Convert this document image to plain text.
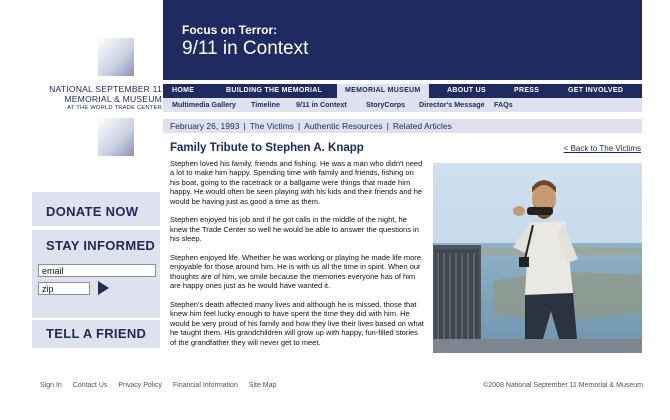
NATIONAL SEPTEMBER 11
MEMORIAL & MUSEUM
AT THE WORLD TRADE CENTER
DONATE NOW
STAY INFORMED
email
zip
TELL A FRIEND
Focus on Terror:
9/11 in Context
HOME	BUILDING THE MEMORIAL	MEMORIAL MUSEUM	ABOUT US	PRESS	GET INVOLVED
Multimedia Gallery Timeline 9/11 in Context	StoryCorps Director's Message FAQs
February 26, 1993 | The Victims | Authentic Resources | Related Articles
Family Tribute to Stephen A. Knapp	< Back to The Victims

Stephen loved his family, friends and fishing. He was a man who didn't need a lot to make him happy. Spending time with family and friends, fishing on his boat, going to the racetrack or a ballgame were things that made him happy. He would often be seen playing with his kids and their friends and he would be having just as good a time as them.

Stephen enjoyed his job and if he got calls in the middle of the night, he knew the Trade Center so well he would be able to answer the questions in his sleep.

Stephen enjoyed life. Whether he was working or playing he made life more enjoyable for those around him. He is with us all the time in spirit. When our thoughts are of him, we smile because the memories everyone has of him are happy ones just as he would have wanted it.

Stephen's death affected many lives and although he is missed, those that knew him feel lucky enough to have spent the time they did with him. He would be very proud of his family and how they live their lives based on what he taught them. His grandchildren will grow up with happy, fun-filled stories of the grandfather they will never get to meet.

Sign In Contact Us Privacy Policy Financial Information Site Map	©2008 National September 11 Memorial & Museum
